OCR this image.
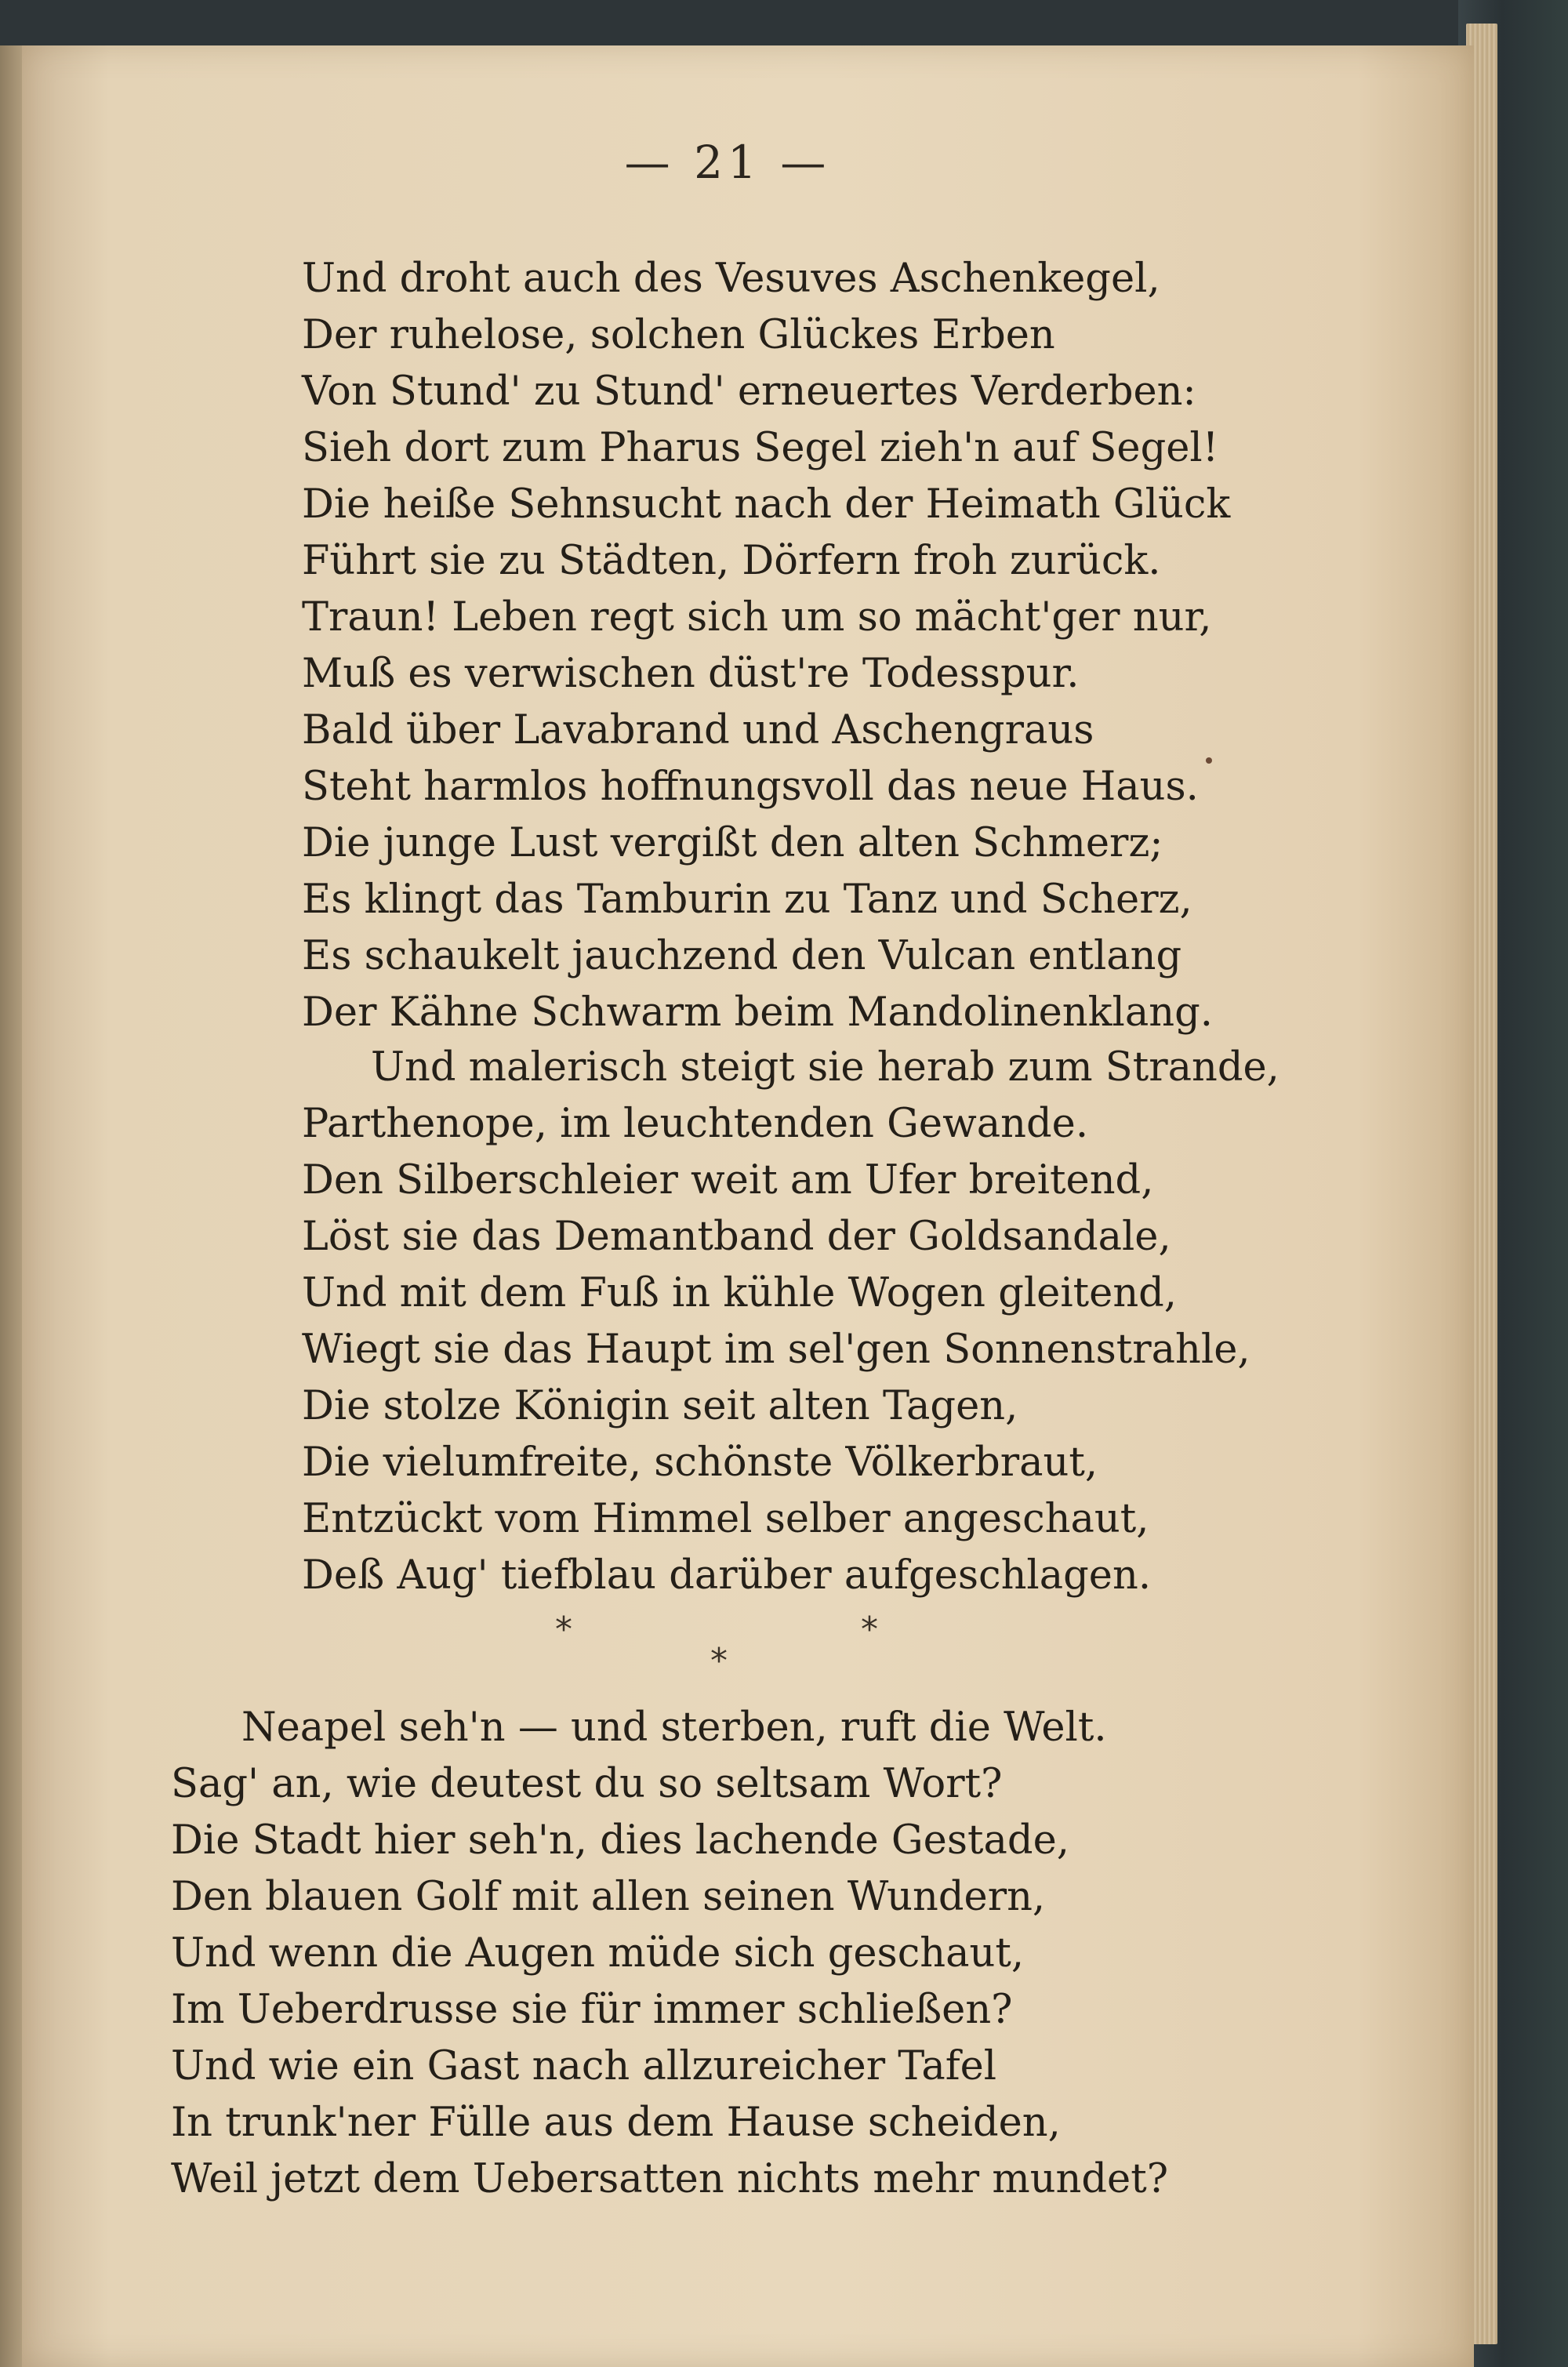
— 21 —
Und droht auch des Vesuves Aschenkegel,
Der ruhelose, solchen Glückes Erben
Von Stund' zu Stund' erneuertes Verderben:
Sieh dort zum Pharus Segel zieh'n auf Segel!
Die heiße Sehnsucht nach der Heimath Glück
Führt sie zu Städten, Dörfern froh zurück.
Traun! Leben regt sich um so mächt'ger nur,
Muß es verwischen düst're Todesspur.
Bald über Lavabrand und Aschengraus
Steht harmlos hoffnungsvoll das neue Haus.
Die junge Lust vergißt den alten Schmerz;
Es klingt das Tamburin zu Tanz und Scherz,
Es schaukelt jauchzend den Vulcan entlang
Der Kähne Schwarm beim Mandolinenklang.
Und malerisch steigt sie herab zum Strande,
Parthenope, im leuchtenden Gewande.
Den Silberschleier weit am Ufer breitend,
Löst sie das Demantband der Goldsandale,
Und mit dem Fuß in kühle Wogen gleitend,
Wiegt sie das Haupt im sel'gen Sonnenstrahle,
Die stolze Königin seit alten Tagen,
Die vielumfreite, schönste Völkerbraut,
Entzückt vom Himmel selber angeschaut,
Deß Aug' tiefblau darüber aufgeschlagen.
*	*
*
Neapel seh'n — und sterben, ruft die Welt.
Sag' an, wie deutest du so seltsam Wort?
Die Stadt hier seh'n, dies lachende Gestade,
Den blauen Golf mit allen seinen Wundern,
Und wenn die Augen müde sich geschaut,
Im Ueberdrusse sie für immer schließen?
Und wie ein Gast nach allzureicher Tafel
In trunk'ner Fülle aus dem Hause scheiden,
Weil jetzt dem Uebersatten nichts mehr mundet?
